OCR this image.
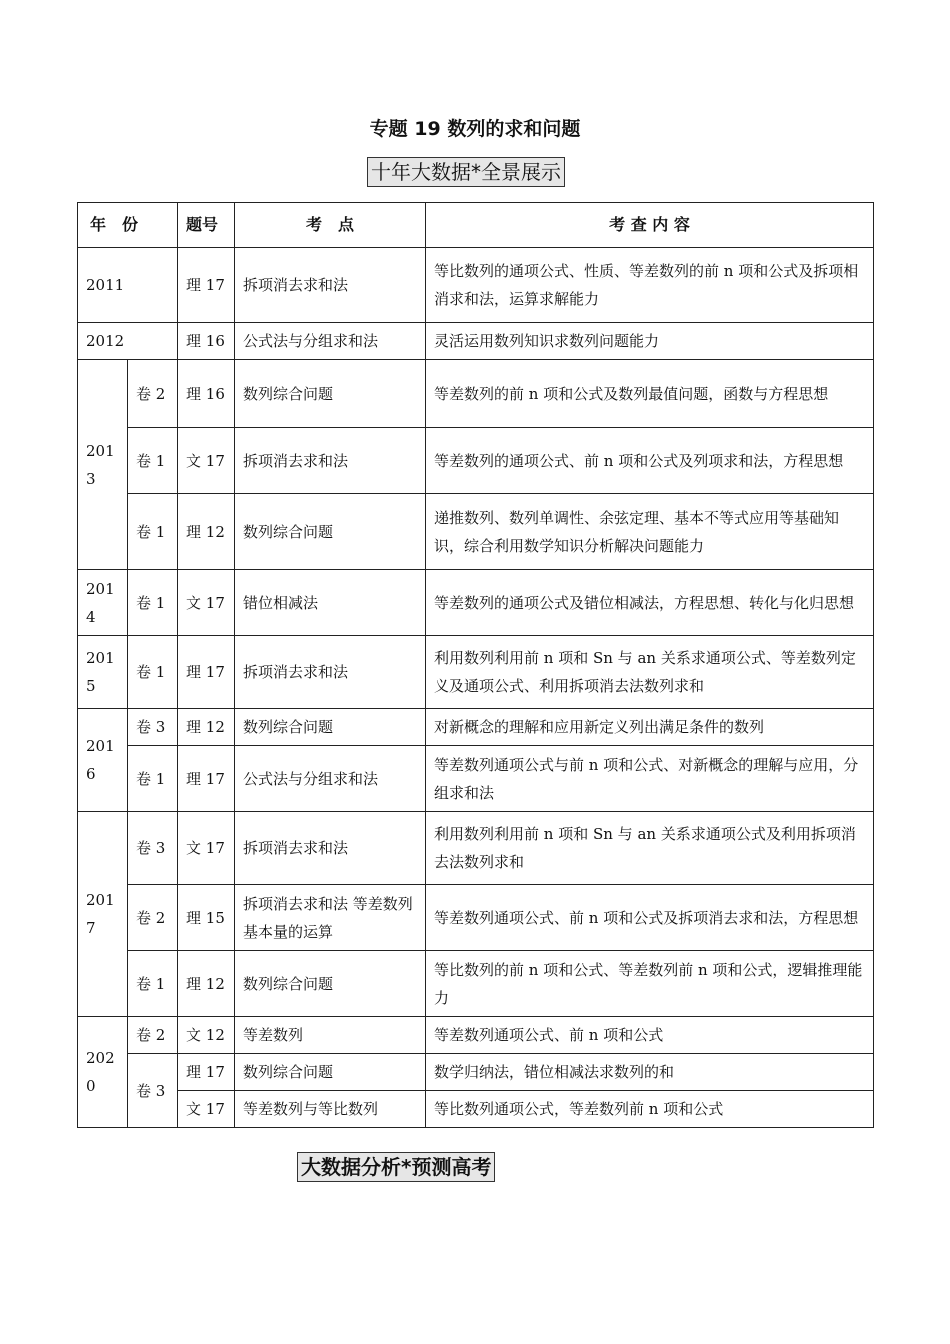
专题 19 数列的求和问题
十年大数据*全景展示
年　份		题号	考　点	考 查 内 容
2011		理 17	拆项消去求和法	等比数列的通项公式、性质、等差数列的前 n 项和公式及拆项相消求和法，运算求解能力
2012		理 16	公式法与分组求和法	灵活运用数列知识求数列问题能力
2013	卷 2	理 16	数列综合问题	等差数列的前 n 项和公式及数列最值问题，函数与方程思想
	卷 1	文 17	拆项消去求和法	等差数列的通项公式、前 n 项和公式及列项求和法，方程思想
	卷 1	理 12	数列综合问题	递推数列、数列单调性、余弦定理、基本不等式应用等基础知识，综合利用数学知识分析解决问题能力
2014	卷 1	文 17	错位相减法	等差数列的通项公式及错位相减法，方程思想、转化与化归思想
2015	卷 1	理 17	拆项消去求和法	利用数列利用前 n 项和 Sn 与 an 关系求通项公式、等差数列定义及通项公式、利用拆项消去法数列求和
2016	卷 3	理 12	数列综合问题	对新概念的理解和应用新定义列出满足条件的数列
	卷 1	理 17	公式法与分组求和法	等差数列通项公式与前 n 项和公式、对新概念的理解与应用，分组求和法
2017	卷 3	文 17	拆项消去求和法	利用数列利用前 n 项和 Sn 与 an 关系求通项公式及利用拆项消去法数列求和
	卷 2	理 15	拆项消去求和法 等差数列基本量的运算	等差数列通项公式、前 n 项和公式及拆项消去求和法，方程思想
	卷 1	理 12	数列综合问题	等比数列的前 n 项和公式、等差数列前 n 项和公式，逻辑推理能力
2020	卷 2	文 12	等差数列	等差数列通项公式、前 n 项和公式
	卷 3	理 17	数列综合问题	数学归纳法，错位相减法求数列的和
		文 17	等差数列与等比数列	等比数列通项公式，等差数列前 n 项和公式
大数据分析*预测高考
